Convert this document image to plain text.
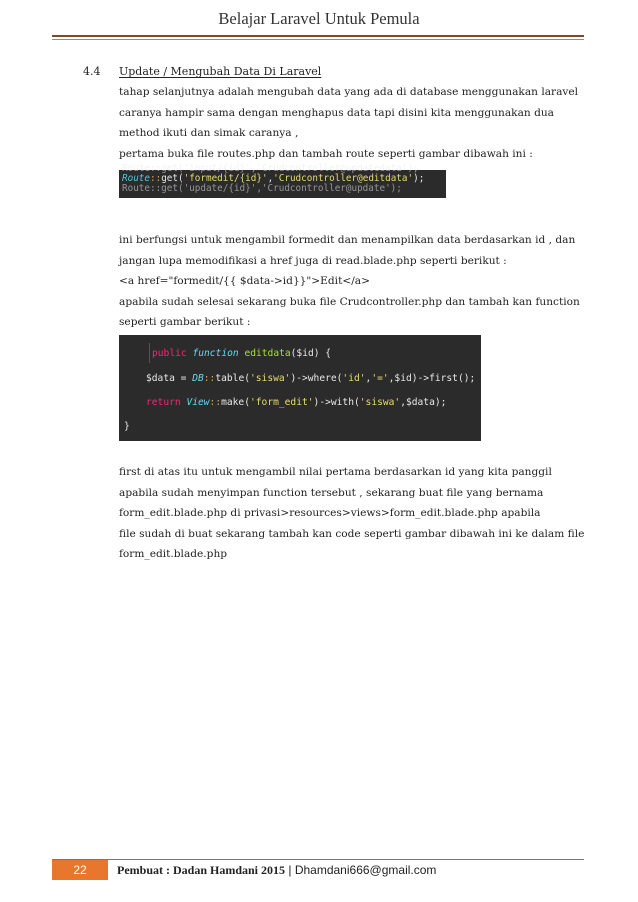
Belajar Laravel Untuk Pemula
4.4 Update / Mengubah Data Di Laravel
tahap selanjutnya adalah mengubah data yang ada di database menggunakan laravel
caranya hampir sama dengan menghapus data tapi disini kita menggunakan dua
method ikuti dan simak caranya ,
pertama buka file routes.php dan tambah route seperti gambar dibawah ini :
Route::get('input/{id}','Crudcontroller@updatedata');
Route::get('formedit/{id}','Crudcontroller@editdata');
Route::get('update/{id}','Crudcontroller@update');
ini berfungsi untuk mengambil formedit dan menampilkan data berdasarkan id , dan
jangan lupa memodifikasi a href juga di read.blade.php seperti berikut :
<a href="formedit/{{ $data->id}}">Edit</a>
apabila sudah selesai sekarang buka file Crudcontroller.php dan tambah kan function
seperti gambar berikut :
public function editdata($id) {
$data = DB::table('siswa')->where('id','=',$id)->first();
return View::make('form_edit')->with('siswa',$data);
}
first di atas itu untuk mengambil nilai pertama berdasarkan id yang kita panggil
apabila sudah menyimpan function tersebut , sekarang buat file yang bernama
form_edit.blade.php di privasi>resources>views>form_edit.blade.php apabila
file sudah di buat sekarang tambah kan code seperti gambar dibawah ini ke dalam file
form_edit.blade.php
22	Pembuat : Dadan Hamdani 2015 | Dhamdani666@gmail.com
